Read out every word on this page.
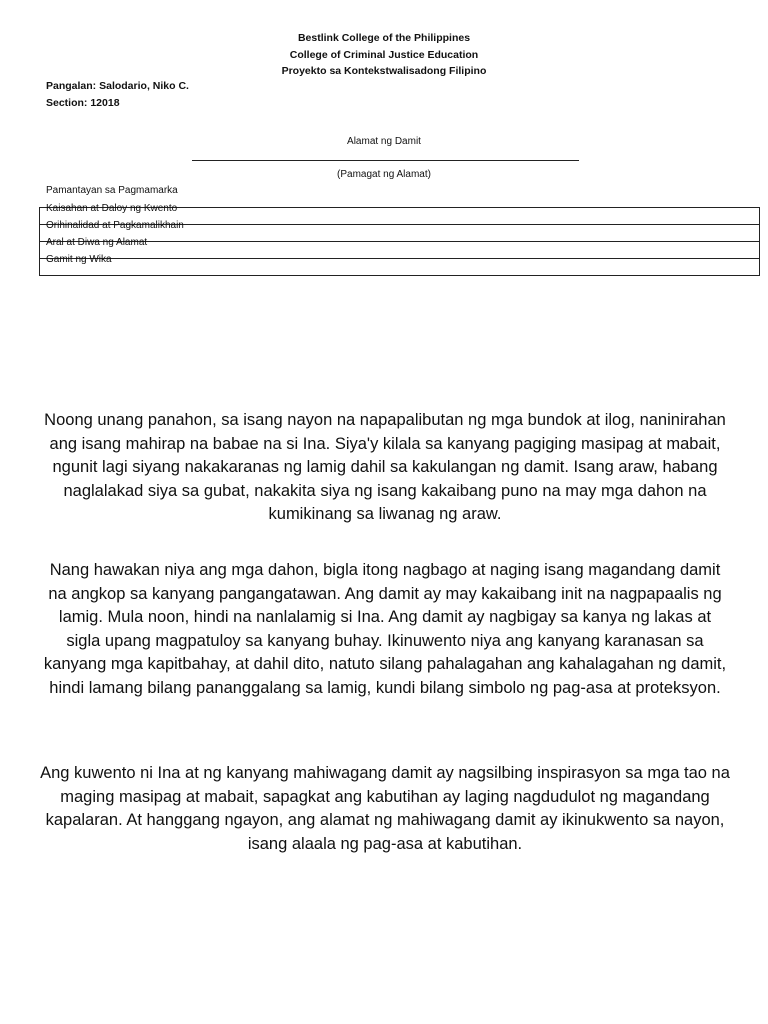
Bestlink College of the Philippines
College of Criminal Justice Education
Proyekto sa Kontekstwalisadong Filipino
Pangalan: Salodario, Niko C.
Section: 12018
Alamat ng Damit
(Pamagat ng Alamat)
Pamantayan sa Pagmamarka
Kaisahan at Daloy ng Kwento
Orihinalidad at Pagkamalikhain
Aral at Diwa ng Alamat
Gamit ng Wika

Noong unang panahon, sa isang nayon na napapalibutan ng mga bundok at ilog, naninirahan ang isang mahirap na babae na si Ina. Siya'y kilala sa kanyang pagiging masipag at mabait, ngunit lagi siyang nakakaranas ng lamig dahil sa kakulangan ng damit. Isang araw, habang naglalakad siya sa gubat, nakakita siya ng isang kakaibang puno na may mga dahon na kumikinang sa liwanag ng araw.

Nang hawakan niya ang mga dahon, bigla itong nagbago at naging isang magandang damit na angkop sa kanyang pangangatawan. Ang damit ay may kakaibang init na nagpapaalis ng lamig. Mula noon, hindi na nanlalamig si Ina. Ang damit ay nagbigay sa kanya ng lakas at sigla upang magpatuloy sa kanyang buhay. Ikinuwento niya ang kanyang karanasan sa kanyang mga kapitbahay, at dahil dito, natuto silang pahalagahan ang kahalagahan ng damit, hindi lamang bilang pananggalang sa lamig, kundi bilang simbolo ng pag-asa at proteksyon.

Ang kuwento ni Ina at ng kanyang mahiwagang damit ay nagsilbing inspirasyon sa mga tao na maging masipag at mabait, sapagkat ang kabutihan ay laging nagdudulot ng magandang kapalaran. At hanggang ngayon, ang alamat ng mahiwagang damit ay ikinukwento sa nayon, isang alaala ng pag-asa at kabutihan.
